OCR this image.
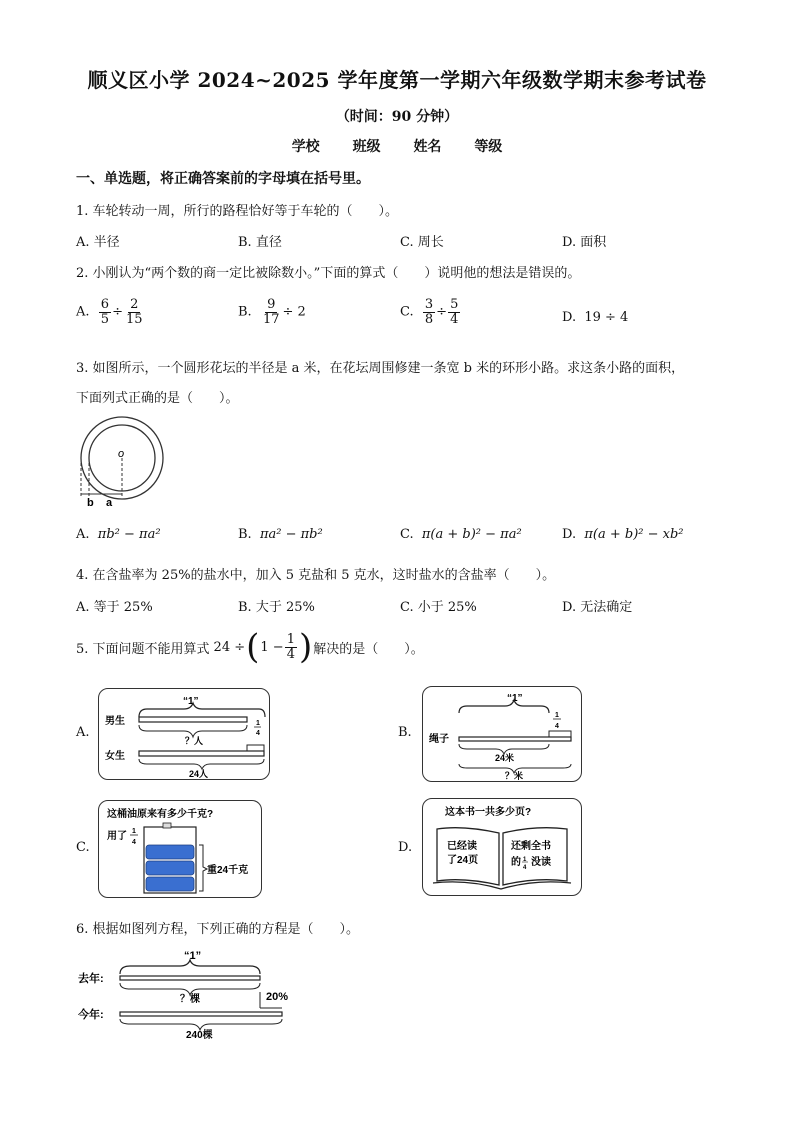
顺义区小学 2024~2025 学年度第一学期六年级数学期末参考试卷
（时间：90 分钟）
学校 班级 姓名 等级
一、单选题，将正确答案前的字母填在括号里。
1. 车轮转动一周，所行的路程恰好等于车轮的（　　）。
A. 半径	B. 直径	C. 周长	D. 面积
2. 小刚认为“两个数的商一定比被除数小。”下面的算式（　　）说明他的想法是错误的。
A. $\frac{6}{5} \div \frac{2}{15}$	B. $\frac{9}{17} \div 2$	C. $\frac{3}{8} \div \frac{5}{4}$	D. 19 ÷ 4
3. 如图所示，一个圆形花坛的半径是 a 米，在花坛周围修建一条宽 b 米的环形小路。求这条小路的面积，
下面列式正确的是（　　）。
o
b a
A. πb² − πa²	B. πa² − πb²	C. π(a + b)² − πa²	D. π(a + b)² − xb²
4. 在含盐率为 25%的盐水中，加入 5 克盐和 5 克水，这时盐水的含盐率（　　）。
A. 等于 25%	B. 大于 25%	C. 小于 25%	D. 无法确定
5. 下面问题不能用算式 24 ÷ ( $1 - \frac{1}{4}$ ) 解决的是（　　）。
A.
“1”
男生
？人
1
4
女生
24人
B.
“1”
1
4
绳子
24米
？米
C.
这桶油原来有多少千克?
用了 1
4
重24千克
D.
这本书一共多少页?
已经读
了24页
还剩全书
的 1
4 没读
6. 根据如图列方程，下列正确的方程是（　　）。
“1”
去年:
？棵	20%
今年:
240棵
